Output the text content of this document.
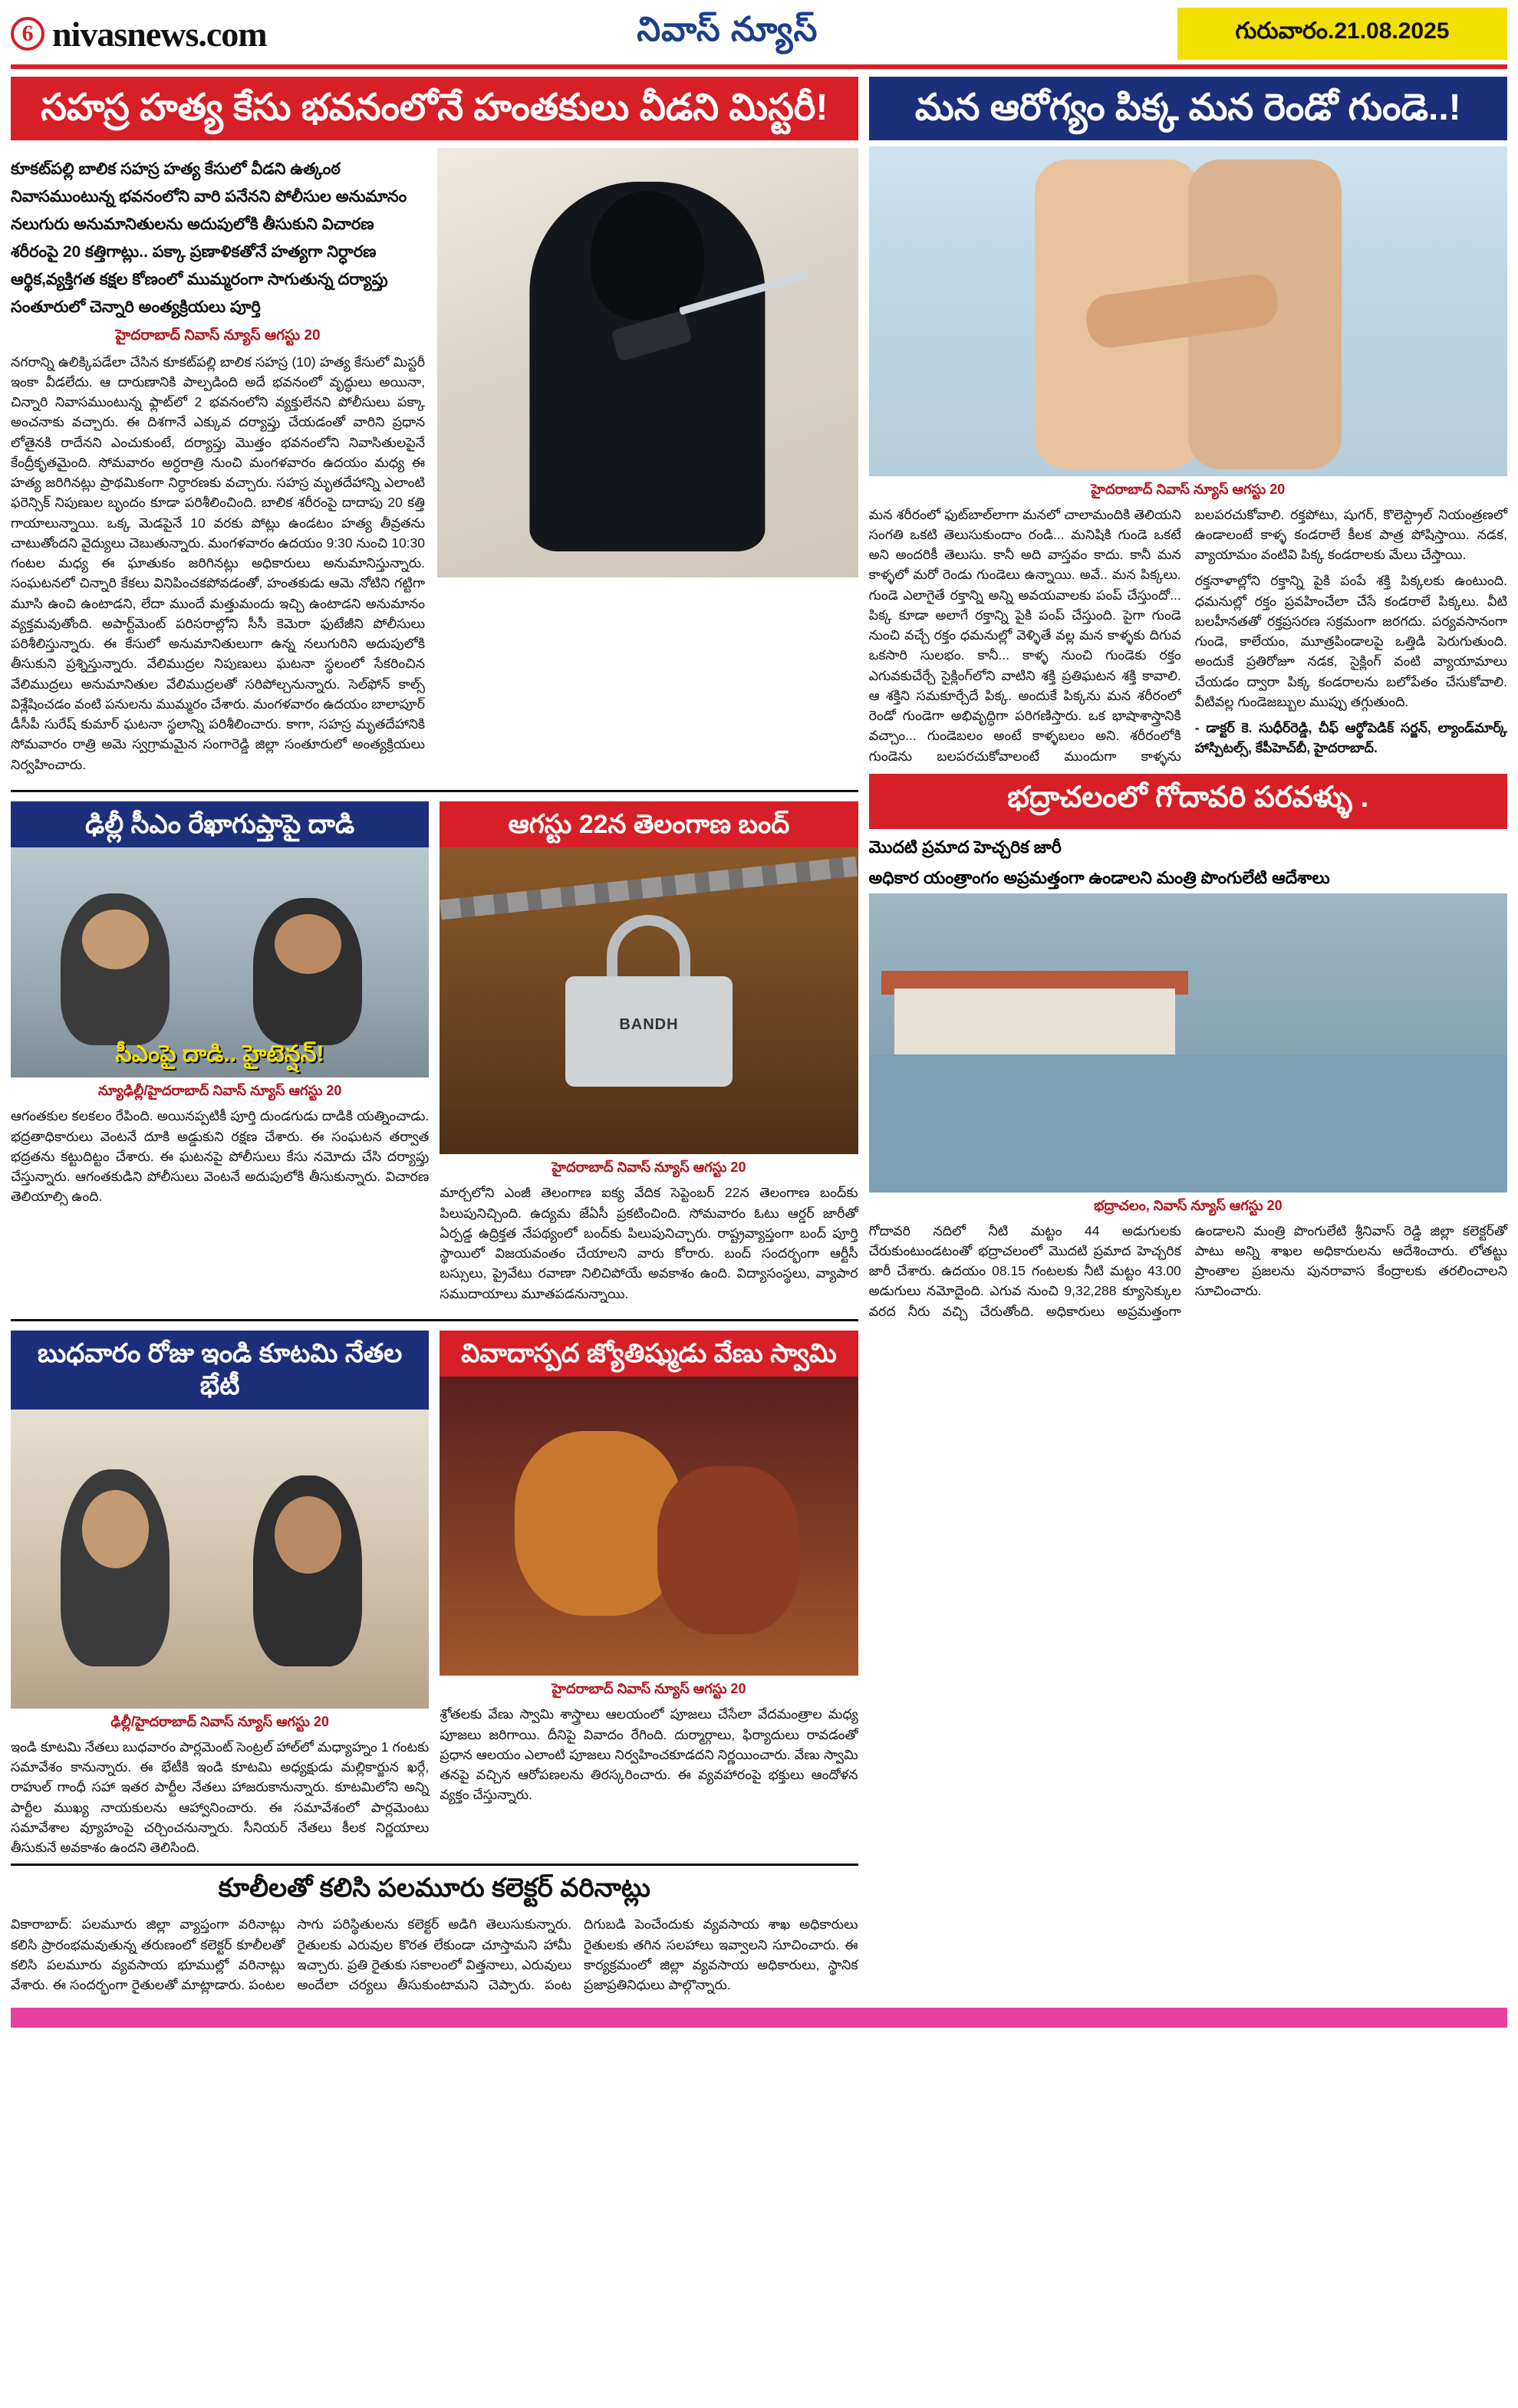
6 nivasnews.com	నివాస్ న్యూస్	గురువారం.21.08.2025
సహస్ర హత్య కేసు భవనంలోనే హంతకులు వీడని మిస్టరీ!
కూకట్‌పల్లి బాలిక సహస్ర హత్య కేసులో వీడని ఉత్కంఠ
నివాసముంటున్న భవనంలోని వారి పనేనని పోలీసుల అనుమానం
నలుగురు అనుమానితులను అదుపులోకి తీసుకుని విచారణ
శరీరంపై 20 కత్తిగాట్లు.. పక్కా ప్రణాళికతోనే హత్యగా నిర్ధారణ
ఆర్థిక,వ్యక్తిగత కక్షల కోణంలో ముమ్మరంగా సాగుతున్న దర్యాప్తు
సంతూరులో చెన్నారి అంత్యక్రియలు పూర్తి
హైదరాబాద్ నివాస్ న్యూస్ ఆగస్టు 20

నగరాన్ని ఉలిక్కిపడేలా చేసిన కూకట్‌పల్లి బాలిక సహస్ర (10) హత్య కేసులో మిస్టరీ ఇంకా వీడలేదు. ఆ దారుణానికి పాల్పడింది అదే భవనంలో వృద్ధులు అయినా, చిన్నారి నివాసముంటున్న ఫ్లాట్‌లో 2 భవనంలోని వ్యక్తులేనని పోలీసులు పక్కా అంచనాకు వచ్చారు. ఈ దిశగానే ఎక్కువ దర్యాప్తు చేయడంతో వారిని ప్రధాన లోతైనకి రాదేనని ఎంచుకుంటే, దర్యాప్తు మొత్తం భవనంలోని నివాసితులపైనే కేంద్రీకృతమైంది. సోమవారం అర్ధరాత్రి నుంచి మంగళవారం ఉదయం మధ్య ఈ హత్య జరిగినట్లు ప్రాథమికంగా నిర్ధారణకు వచ్చారు. సహస్ర మృతదేహాన్ని ఎలాంటి ఫరెన్సిక్ నిపుణుల బృందం కూడా పరిశీలించింది. బాలిక శరీరంపై దాదాపు 20 కత్తి గాయాలున్నాయి. ఒక్క మెడపైనే 10 వరకు పోట్లు ఉండటం హత్య తీవ్రతను చాటుతోందని వైద్యులు చెబుతున్నారు. మంగళవారం ఉదయం 9:30 నుంచి 10:30 గంటల మధ్య ఈ ఘాతుకం జరిగినట్లు అధికారులు అనుమానిస్తున్నారు. సంఘటనలో చిన్నారి కేకలు వినిపించకపోవడంతో, హంతకుడు ఆమె నోటిని గట్టిగా మూసి ఉంచి ఉంటాడని, లేదా ముందే మత్తుమందు ఇచ్చి ఉంటాడని అనుమానం వ్యక్తమవుతోంది. అపార్ట్‌మెంట్ పరిసరాల్లోని సీసీ కెమెరా ఫుటేజీని పోలీసులు పరిశీలిస్తున్నారు. ఈ కేసులో అనుమానితులుగా ఉన్న నలుగురిని అదుపులోకి తీసుకుని ప్రశ్నిస్తున్నారు. వేలిముద్రల నిపుణులు ఘటనా స్థలంలో సేకరించిన వేలిముద్రలు అనుమానితుల వేలిముద్రలతో సరిపోల్చనున్నారు. సెల్‌ఫోన్ కాల్స్‌ విశ్లేషించడం వంటి పనులను ముమ్మరం చేశారు. మంగళవారం ఉదయం బాలాపూర్ డీసీపీ సురేష్ కుమార్ ఘటనా స్థలాన్ని పరిశీలించారు. కాగా, సహస్ర మృతదేహానికి సోమవారం రాత్రి అమె స్వగ్రామమైన సంగారెడ్డి జిల్లా సంతూరులో అంత్యక్రియలు నిర్వహించారు.

ఢిల్లీ సీఎం రేఖాగుప్తాపై దాడి
సీఎంపై దాడి.. హైటెన్షన్!
న్యూఢిల్లీ/హైదరాబాద్ నివాస్ న్యూస్ ఆగస్టు 20

ఆగంతకుల కలకలం రేపింది. అయినప్పటికీ పూర్తి దుండగుడు దాడికి యత్నించాడు. భద్రతాధికారులు వెంటనే దూకి అడ్డుకుని రక్షణ చేశారు. ఈ సంఘటన తర్వాత భద్రతను కట్టుదిట్టం చేశారు. ఈ ఘటనపై పోలీసులు కేసు నమోదు చేసి దర్యాప్తు చేస్తున్నారు. ఆగంతకుడిని పోలీసులు వెంటనే అదుపులోకి తీసుకున్నారు. విచారణ తెలియాల్సి ఉంది.

ఆగస్టు 22న తెలంగాణ బంద్
BANDH
హైదరాబాద్ నివాస్ న్యూస్ ఆగస్టు 20

మార్చలోని ఎంజీ తెలంగాణ ఐక్య వేదిక సెప్టెంబర్ 22న తెలంగాణ బంద్‌కు పిలుపునిచ్చింది. ఉద్యమ జేఏసీ ప్రకటించింది. సోమవారం ఓటు ఆర్డర్ జారీతో ఏర్పడ్డ ఉద్రిక్తత నేపథ్యంలో బంద్‌కు పిలుపునిచ్చారు. రాష్ట్రవ్యాప్తంగా బంద్ పూర్తి స్థాయిలో విజయవంతం చేయాలని వారు కోరారు. బంద్ సందర్భంగా ఆర్టీసీ బస్సులు, ప్రైవేటు రవాణా నిలిచిపోయే అవకాశం ఉంది. విద్యాసంస్థలు, వ్యాపార సముదాయాలు మూతపడనున్నాయి.

బుధవారం రోజు ఇండి కూటమి నేతల భేటీ
ఢిల్లీ/హైదరాబాద్ నివాస్ న్యూస్ ఆగస్టు 20

ఇండి కూటమి నేతలు బుధవారం పార్లమెంట్ సెంట్రల్ హాల్‌లో మధ్యాహ్నం 1 గంటకు సమావేశం కానున్నారు. ఈ భేటీకి ఇండి కూటమి అధ్యక్షుడు మల్లికార్జున ఖర్గే, రాహుల్ గాంధీ సహా ఇతర పార్టీల నేతలు హాజరుకానున్నారు. కూటమిలోని అన్ని పార్టీల ముఖ్య నాయకులను ఆహ్వానించారు. ఈ సమావేశంలో పార్లమెంటు సమావేశాల వ్యూహంపై చర్చించనున్నారు. సీనియర్ నేతలు కీలక నిర్ణయాలు తీసుకునే అవకాశం ఉందని తెలిసింది.

వివాదాస్పద జ్యోతిష్ముడు వేణు స్వామి
హైదరాబాద్ నివాస్ న్యూస్ ఆగస్టు 20

శ్రోతలకు వేణు స్వామి శాస్త్రాలు ఆలయంలో పూజలు చేసేలా వేదమంత్రాల మధ్య పూజలు జరిగాయి. దీనిపై వివాదం రేగింది. దుర్మార్గాలు, ఫిర్యాదులు రావడంతో ప్రధాన ఆలయం ఎలాంటి పూజలు నిర్వహించకూడదని నిర్ణయించారు. వేణు స్వామి తనపై వచ్చిన ఆరోపణలను తిరస్కరించారు. ఈ వ్యవహారంపై భక్తులు ఆందోళన వ్యక్తం చేస్తున్నారు.

కూలీలతో కలిసి పలమూరు కలెక్టర్ వరినాట్లు

వికారాబాద్: పలమూరు జిల్లా వ్యాప్తంగా వరినాట్లు కలిసి ప్రారంభమవుతున్న తరుణంలో కలెక్టర్ కూలీలతో కలిసి పలమూరు వ్యవసాయ భూముల్లో వరినాట్లు వేశారు. ఈ సందర్భంగా రైతులతో మాట్లాడారు. పంటల సాగు పరిస్థితులను కలెక్టర్ అడిగి తెలుసుకున్నారు. రైతులకు ఎరువుల కొరత లేకుండా చూస్తామని హామీ ఇచ్చారు. ప్రతి రైతుకు సకాలంలో విత్తనాలు, ఎరువులు అందేలా చర్యలు తీసుకుంటామని చెప్పారు. పంట దిగుబడి పెంచేందుకు వ్యవసాయ శాఖ అధికారులు రైతులకు తగిన సలహాలు ఇవ్వాలని సూచించారు. ఈ కార్యక్రమంలో జిల్లా వ్యవసాయ అధికారులు, స్థానిక ప్రజాప్రతినిధులు పాల్గొన్నారు.

మన ఆరోగ్యం పిక్క మన రెండో గుండె..!
హైదరాబాద్ నివాస్ న్యూస్ ఆగస్టు 20

మన శరీరంలో ఫుట్‌బాల్‌లాగా మనలో చాలామందికి తెలియని సంగతి ఒకటి తెలుసుకుందాం రండి... మనిషికి గుండె ఒకటే అని అందరికీ తెలుసు. కానీ అది వాస్తవం కాదు. కానీ మన కాళ్ళలో మరో రెండు గుండెలు ఉన్నాయి. అవే.. మన పిక్కలు. గుండె ఎలాగైతే రక్తాన్ని అన్ని అవయవాలకు పంప్ చేస్తుందో... పిక్క కూడా అలాగే రక్తాన్ని పైకి పంప్ చేస్తుంది. పైగా గుండె నుంచి వచ్చే రక్తం ధమనుల్లో వెళ్ళితే వల్ల మన కాళ్ళకు దిగువ ఒకసారి సులభం. కానీ... కాళ్ళ నుంచి గుండెకు రక్తం ఎగువకుచేర్చే సైక్లింగ్‌లోని వాటిని శక్తి ప్రతిఘటన శక్తి కావాలి. ఆ శక్తిని సమకూర్చేదే పిక్క. అందుకే పిక్కను మన శరీరంలో రెండో గుండెగా అభివృద్ధిగా పరిగణిస్తారు. ఒక భాషాశాస్త్రానికి వచ్చాం... గుండెబలం అంటే కాళ్ళబలం అని. శరీరంలోకి గుండెను బలపరచుకోవాలంటే ముందుగా కాళ్ళను బలపరచుకోవాలి. రక్తపోటు, షుగర్, కొలెస్ట్రాల్ నియంత్రణలో ఉండాలంటే కాళ్ళ కండరాలే కీలక పాత్ర పోషిస్తాయి. నడక, వ్యాయామం వంటివి పిక్క కండరాలకు మేలు చేస్తాయి.

రక్తనాళాల్లోని రక్తాన్ని పైకి పంపే శక్తి పిక్కలకు ఉంటుంది. ధమనుల్లో రక్తం ప్రవహించేలా చేసే కండరాలే పిక్కలు. వీటి బలహీనతతో రక్తప్రసరణ సక్రమంగా జరగదు. పర్యవసానంగా గుండె, కాలేయం, మూత్రపిండాలపై ఒత్తిడి పెరుగుతుంది. అందుకే ప్రతిరోజూ నడక, సైక్లింగ్ వంటి వ్యాయామాలు చేయడం ద్వారా పిక్క కండరాలను బలోపేతం చేసుకోవాలి. వీటివల్ల గుండెజబ్బుల ముప్పు తగ్గుతుంది.

- డాక్టర్ కె. సుధీర్‌రెడ్డి, చీఫ్ ఆర్థోపెడిక్ సర్జన్, ల్యాండ్‌మార్క్ హాస్పిటల్స్, కేపీహెచ్‌బీ, హైదరాబాద్.

భద్రాచలంలో గోదావరి పరవళ్ళు .
మొదటి ప్రమాద హెచ్చరిక జారీ
అధికార యంత్రాంగం అప్రమత్తంగా ఉండాలని మంత్రి పొంగులేటి ఆదేశాలు
భద్రాచలం, నివాస్ న్యూస్ ఆగస్టు 20

గోదావరి నదిలో నీటి మట్టం 44 అడుగులకు చేరుకుంటుండటంతో భద్రాచలంలో మొదటి ప్రమాద హెచ్చరిక జారీ చేశారు. ఉదయం 08.15 గంటలకు నీటి మట్టం 43.00 అడుగులు నమోదైంది. ఎగువ నుంచి 9,32,288 క్యూసెక్కుల వరద నీరు వచ్చి చేరుతోంది. అధికారులు అప్రమత్తంగా ఉండాలని మంత్రి పొంగులేటి శ్రీనివాస్ రెడ్డి జిల్లా కలెక్టర్‌తో పాటు అన్ని శాఖల అధికారులను ఆదేశించారు. లోతట్టు ప్రాంతాల ప్రజలను పునరావాస కేంద్రాలకు తరలించాలని సూచించారు.
